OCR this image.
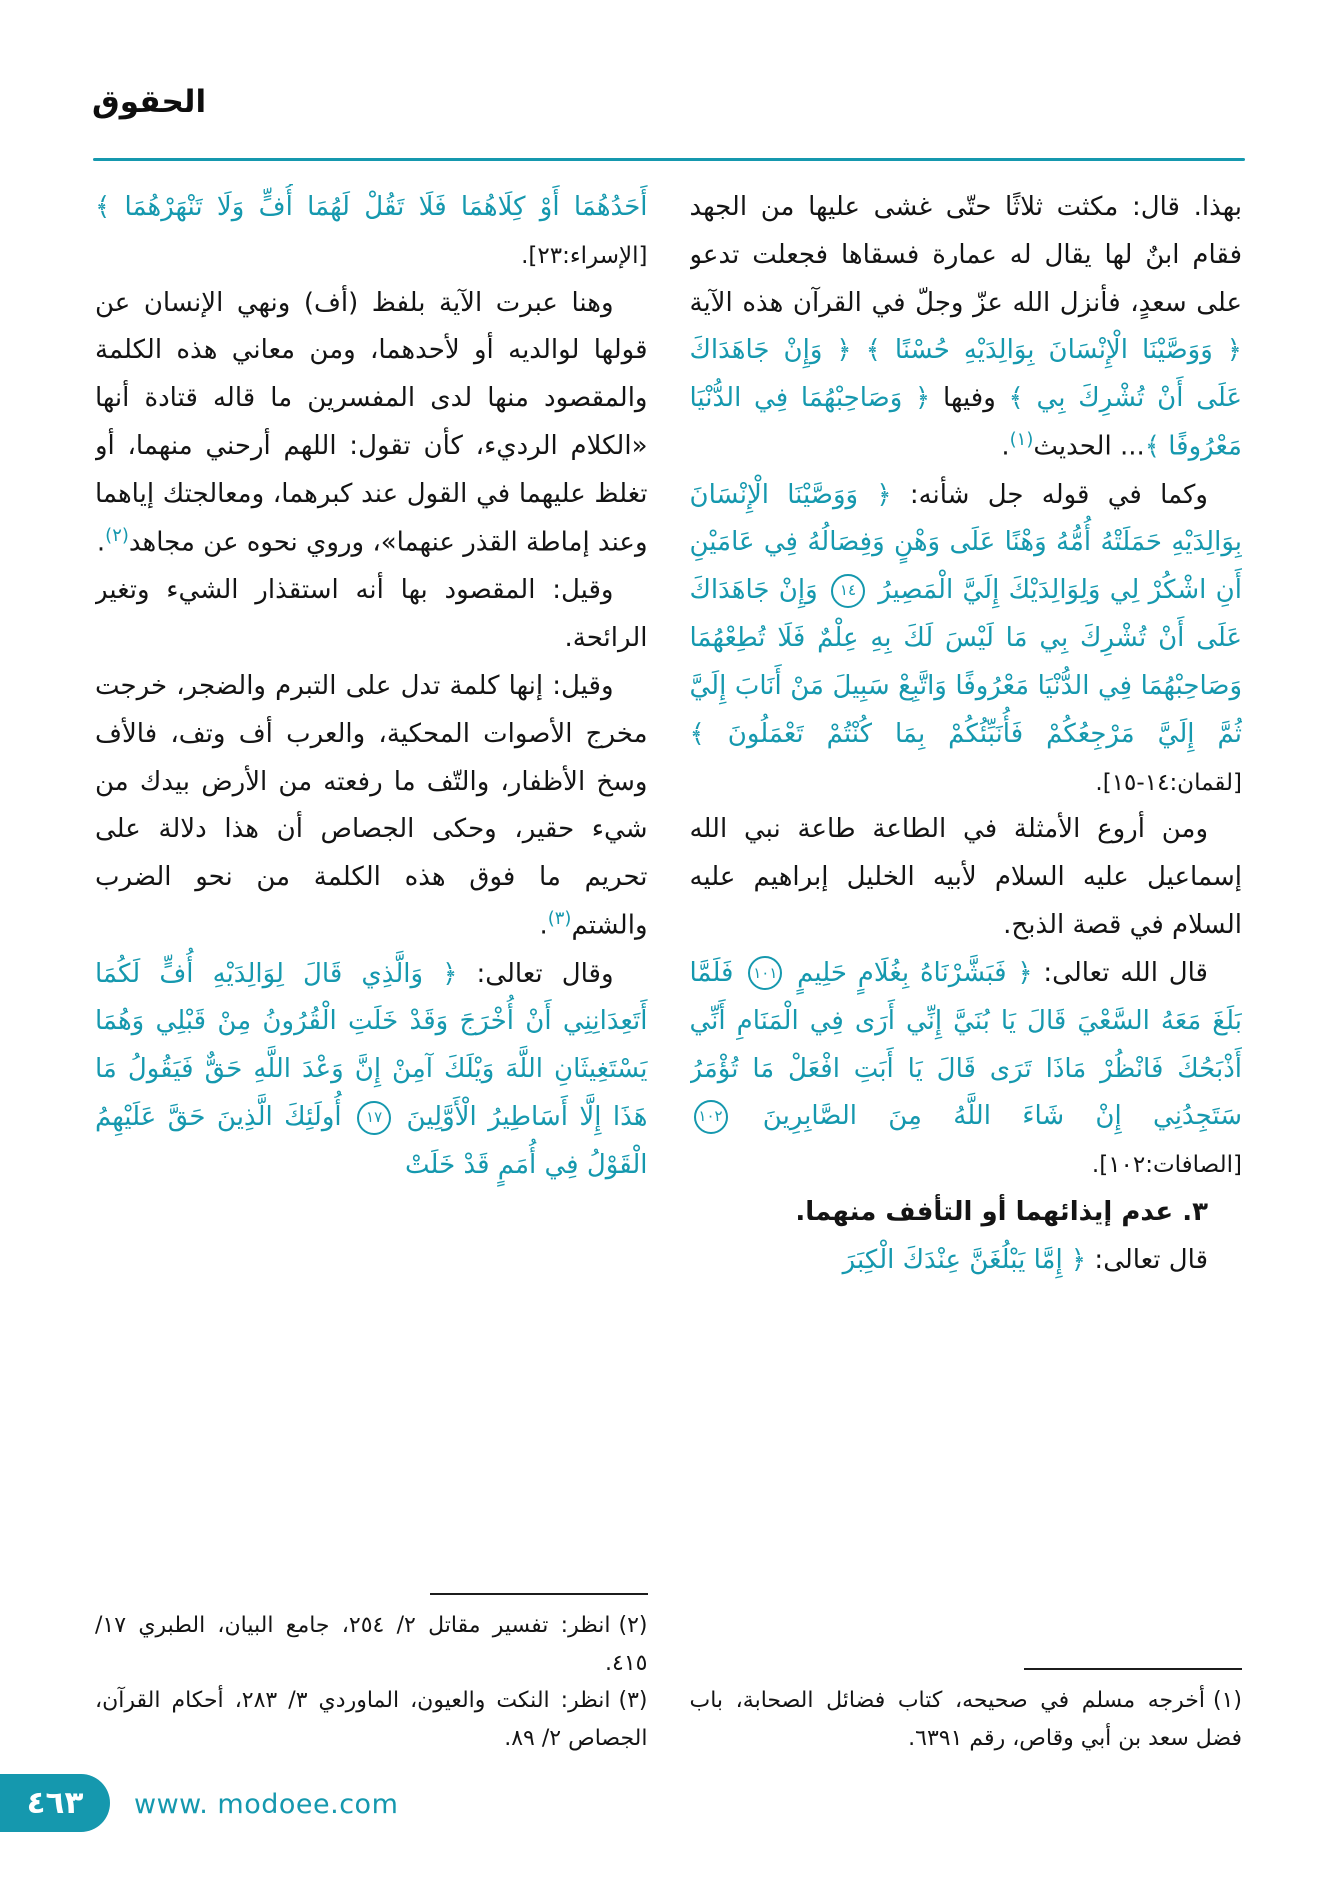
الحقوق

بهذا. قال: مكثت ثلاثًا حتّى غشى عليها من الجهد فقام ابنٌ لها يقال له عمارة فسقاها فجعلت تدعو على سعدٍ، فأنزل الله عزّ وجلّ في القرآن هذه الآية ﴿ وَوَصَّيْنَا الْإِنْسَانَ بِوَالِدَيْهِ حُسْنًا ﴾ ﴿ وَإِنْ جَاهَدَاكَ عَلَى أَنْ تُشْرِكَ بِي ﴾ وفيها ﴿ وَصَاحِبْهُمَا فِي الدُّنْيَا مَعْرُوفًا ﴾... الحديث$^{(١)}$.

وكما في قوله جل شأنه: ﴿ وَوَصَّيْنَا الْإِنْسَانَ بِوَالِدَيْهِ حَمَلَتْهُ أُمُّهُ وَهْنًا عَلَى وَهْنٍ وَفِصَالُهُ فِي عَامَيْنِ أَنِ اشْكُرْ لِي وَلِوَالِدَيْكَ إِلَيَّ الْمَصِيرُ ١٤ وَإِنْ جَاهَدَاكَ عَلَى أَنْ تُشْرِكَ بِي مَا لَيْسَ لَكَ بِهِ عِلْمٌ فَلَا تُطِعْهُمَا وَصَاحِبْهُمَا فِي الدُّنْيَا مَعْرُوفًا وَاتَّبِعْ سَبِيلَ مَنْ أَنَابَ إِلَيَّ ثُمَّ إِلَيَّ مَرْجِعُكُمْ فَأُنَبِّئُكُمْ بِمَا كُنْتُمْ تَعْمَلُونَ ﴾ [لقمان:١٤-١٥].

ومن أروع الأمثلة في الطاعة طاعة نبي الله إسماعيل عليه السلام لأبيه الخليل إبراهيم عليه السلام في قصة الذبح.

قال الله تعالى: ﴿ فَبَشَّرْنَاهُ بِغُلَامٍ حَلِيمٍ ١٠١ فَلَمَّا بَلَغَ مَعَهُ السَّعْيَ قَالَ يَا بُنَيَّ إِنِّي أَرَى فِي الْمَنَامِ أَنِّي أَذْبَحُكَ فَانْظُرْ مَاذَا تَرَى قَالَ يَا أَبَتِ افْعَلْ مَا تُؤْمَرُ سَتَجِدُنِي إِنْ شَاءَ اللَّهُ مِنَ الصَّابِرِينَ ١٠٢ [الصافات:١٠٢].

٣. عدم إيذائهما أو التأفف منهما.

قال تعالى: ﴿ إِمَّا يَبْلُغَنَّ عِنْدَكَ الْكِبَرَ

(١)أخرجه مسلم في صحيحه، كتاب فضائل الصحابة، باب فضل سعد بن أبي وقاص، رقم ٦٣٩١.

أَحَدُهُمَا أَوْ كِلَاهُمَا فَلَا تَقُلْ لَهُمَا أُفٍّ وَلَا تَنْهَرْهُمَا ﴾ [الإسراء:٢٣].

وهنا عبرت الآية بلفظ (أف) ونهي الإنسان عن قولها لوالديه أو لأحدهما، ومن معاني هذه الكلمة والمقصود منها لدى المفسرين ما قاله قتادة أنها «الكلام الرديء، كأن تقول: اللهم أرحني منهما، أو تغلظ عليهما في القول عند كبرهما، ومعالجتك إياهما وعند إماطة القذر عنهما»، وروي نحوه عن مجاهد$^{(٢)}$.

وقيل: المقصود بها أنه استقذار الشيء وتغير الرائحة.

وقيل: إنها كلمة تدل على التبرم والضجر، خرجت مخرج الأصوات المحكية، والعرب أف وتف، فالأف وسخ الأظفار، والتّف ما رفعته من الأرض بيدك من شيء حقير، وحكى الجصاص أن هذا دلالة على تحريم ما فوق هذه الكلمة من نحو الضرب والشتم$^{(٣)}$.

وقال تعالى: ﴿ وَالَّذِي قَالَ لِوَالِدَيْهِ أُفٍّ لَكُمَا أَتَعِدَانِنِي أَنْ أُخْرَجَ وَقَدْ خَلَتِ الْقُرُونُ مِنْ قَبْلِي وَهُمَا يَسْتَغِيثَانِ اللَّهَ وَيْلَكَ آمِنْ إِنَّ وَعْدَ اللَّهِ حَقٌّ فَيَقُولُ مَا هَذَا إِلَّا أَسَاطِيرُ الْأَوَّلِينَ ١٧ أُولَئِكَ الَّذِينَ حَقَّ عَلَيْهِمُ الْقَوْلُ فِي أُمَمٍ قَدْ خَلَتْ

(٢)انظر: تفسير مقاتل ٢/ ٢٥٤، جامع البيان، الطبري ١٧/ ٤١٥.
(٣)انظر: النكت والعيون، الماوردي ٣/ ٢٨٣، أحكام القرآن، الجصاص ٢/ ٨٩.
٤٦٣ www. modoee.com
